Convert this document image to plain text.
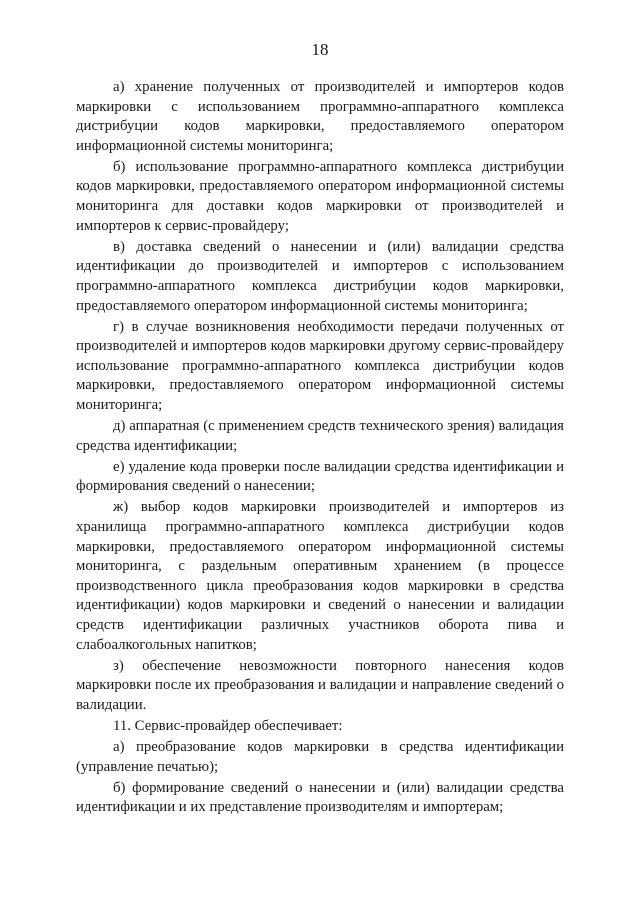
18

а) хранение полученных от производителей и импортеров кодов маркировки с использованием программно-аппаратного комплекса дистрибуции кодов маркировки, предоставляемого оператором информационной системы мониторинга;

б) использование программно-аппаратного комплекса дистрибуции кодов маркировки, предоставляемого оператором информационной системы мониторинга для доставки кодов маркировки от производителей и импортеров к сервис-провайдеру;

в) доставка сведений о нанесении и (или) валидации средства идентификации до производителей и импортеров с использованием программно-аппаратного комплекса дистрибуции кодов маркировки, предоставляемого оператором информационной системы мониторинга;

г) в случае возникновения необходимости передачи полученных от производителей и импортеров кодов маркировки другому сервис-провайдеру использование программно-аппаратного комплекса дистрибуции кодов маркировки, предоставляемого оператором информационной системы мониторинга;

д) аппаратная (с применением средств технического зрения) валидация средства идентификации;

е) удаление кода проверки после валидации средства идентификации и формирования сведений о нанесении;

ж) выбор кодов маркировки производителей и импортеров из хранилища программно-аппаратного комплекса дистрибуции кодов маркировки, предоставляемого оператором информационной системы мониторинга, с раздельным оперативным хранением (в процессе производственного цикла преобразования кодов маркировки в средства идентификации) кодов маркировки и сведений о нанесении и валидации средств идентификации различных участников оборота пива и слабоалкогольных напитков;

з) обеспечение невозможности повторного нанесения кодов маркировки после их преобразования и валидации и направление сведений о валидации.

11. Сервис-провайдер обеспечивает:

а) преобразование кодов маркировки в средства идентификации (управление печатью);

б) формирование сведений о нанесении и (или) валидации средства идентификации и их представление производителям и импортерам;
